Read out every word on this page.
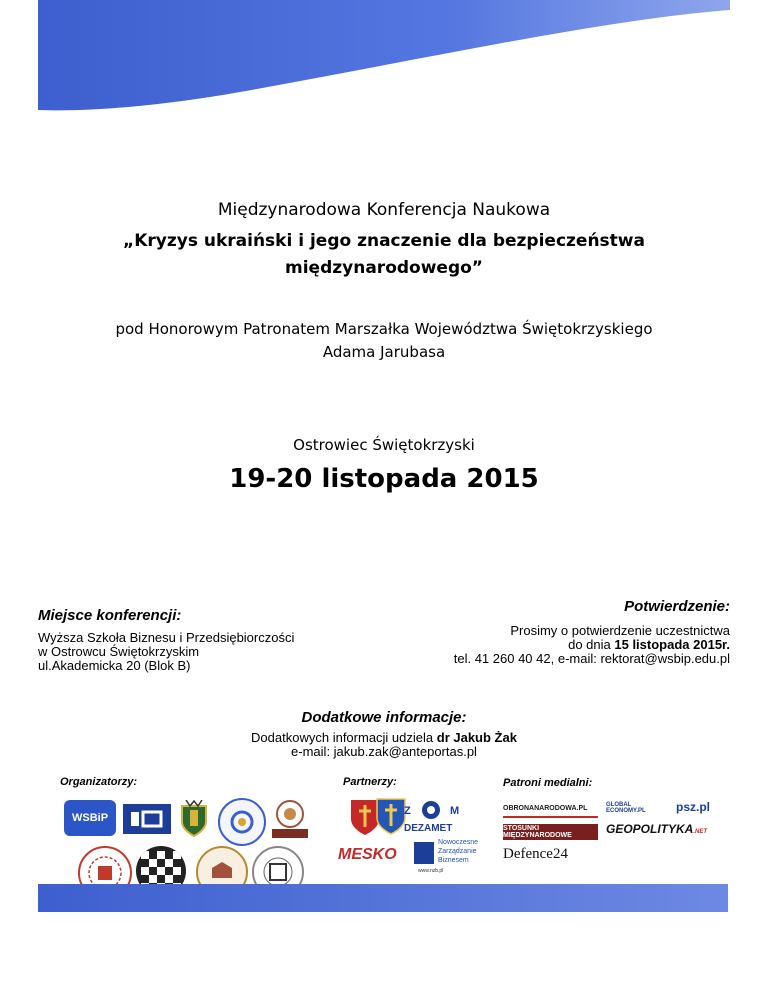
Międzynarodowa Konferencja Naukowa
„Kryzys ukraiński i jego znaczenie dla bezpieczeństwa
międzynarodowego”
pod Honorowym Patronatem Marszałka Województwa Świętokrzyskiego
Adama Jarubasa
Ostrowiec Świętokrzyski
19-20 listopada 2015
Miejsce konferencji:
Wyższa Szkoła Biznesu i Przedsiębiorczości
w Ostrowcu Świętokrzyskim
ul.Akademicka 20 (Blok B)
Potwierdzenie:
Prosimy o potwierdzenie uczestnictwa
do dnia 15 listopada 2015r.
tel. 41 260 40 42, e-mail: rektorat@wsbip.edu.pl
Dodatkowe informacje:
Dodatkowych informacji udziela dr Jakub Żak
e-mail: jakub.zak@anteportas.pl
Organizatorzy:	Partnerzy:	Patroni medialni:
WSBiP
Z	M
DEZAMET
MESKO
Nowoczesne
Zarządzanie
Biznesem
www.nzb.pl
OBRONANARODOWA.PL	GLOBAL ECONOMY.PL	psz.pl
STOSUNKI MIĘDZYNARODOWE	GEOPOLITYKA.NET
Defence24
